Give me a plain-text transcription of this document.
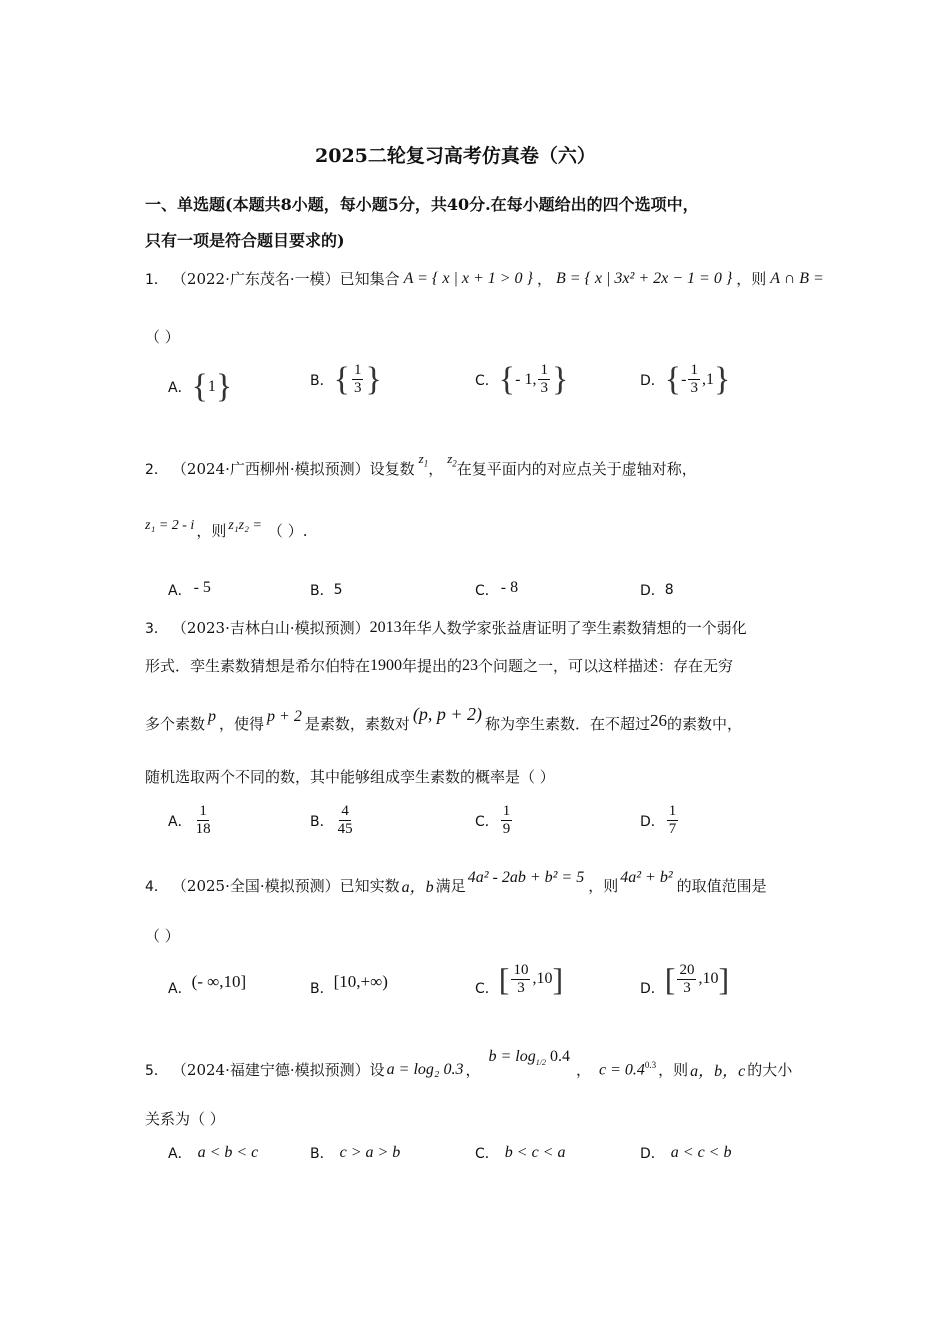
2025二轮复习高考仿真卷（六）
一、单选题(本题共8小题，每小题5分，共40分.在每小题给出的四个选项中，
只有一项是符合题目要求的)
1． （2022·广东茂名·一模） 已知集合 A = { x | x + 1 > 0 } ， B = { x | 3x² + 2x − 1 = 0 } ，则 A ∩ B =
（ ）
A． { 1 }	B． { $\frac{1}{3}$ }	C． { - 1, $\frac{1}{3}$ }	D． { - $\frac{1}{3} ,1$ }
2． （2024·广西柳州·模拟预测） 设复数
$z_1$ ，
$z_2$ 在复平面内的对应点关于虚轴对称，
z₁ = 2 - i ，则 z₁z₂ = （ ）.
A． - 5	B． 5	C． - 8	D． 8
3． （2023·吉林白山·模拟预测） 2013 年华人数学家张益唐证明了孪生素数猜想的一个弱化
形式．孪生素数猜想是希尔伯特在 1900 年提出的 23 个问题之一，可以这样描述：存在无穷
多个素数 p ，使得 p + 2 是素数，素数对 (p, p + 2) 称为孪生素数．在不超过 26 的素数中，
随机选取两个不同的数，其中能够组成孪生素数的概率是（ ）
A． $\frac{1}{18}$	B． $\frac{4}{45}$	C． $\frac{1}{9}$	D． $\frac{1}{7}$
4． （2025·全国·模拟预测） 已知实数 a，b 满足 4a² - 2ab + b² = 5 ，则 4a² + b² 的取值范围是
（ ）
A． (- ∞,10]	B． [10,+∞)	C． [ $\frac{10}{3} ,10$ ]	D． [ $\frac{20}{3} ,10$ ]
5． （2024·福建宁德·模拟预测） 设 a = log₂ 0.3 ，
$b = \log_{1/2} 0.4$
， $c = 0.4^{0.3}$ ，则 a，b，c 的大小
关系为（ ）
A． a < b < c	B． c > a > b	C． b < c < a	D． a < c < b
